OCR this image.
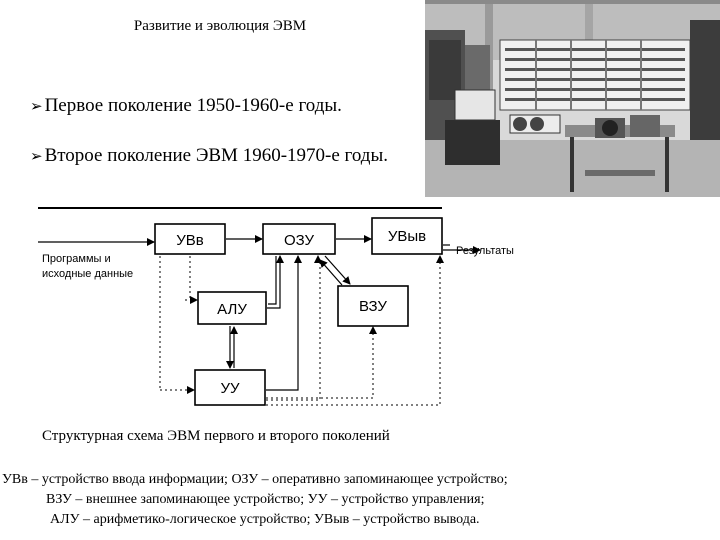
Развитие и эволюция ЭВМ
➢ Первое поколение 1950-1960-е годы.
➢ Второе поколение ЭВМ 1960-1970-е годы.
УВв	ОЗУ	УВыв
АЛУ	ВЗУ
УУ
Программы и
исходные данные
Результаты
Структурная схема ЭВМ первого и второго поколений
УВв – устройство ввода информации; ОЗУ – оперативно запоминающее устройство;
ВЗУ – внешнее запоминающее устройство; УУ – устройство управления;
АЛУ – арифметико-логическое устройство; УВыв – устройство вывода.
